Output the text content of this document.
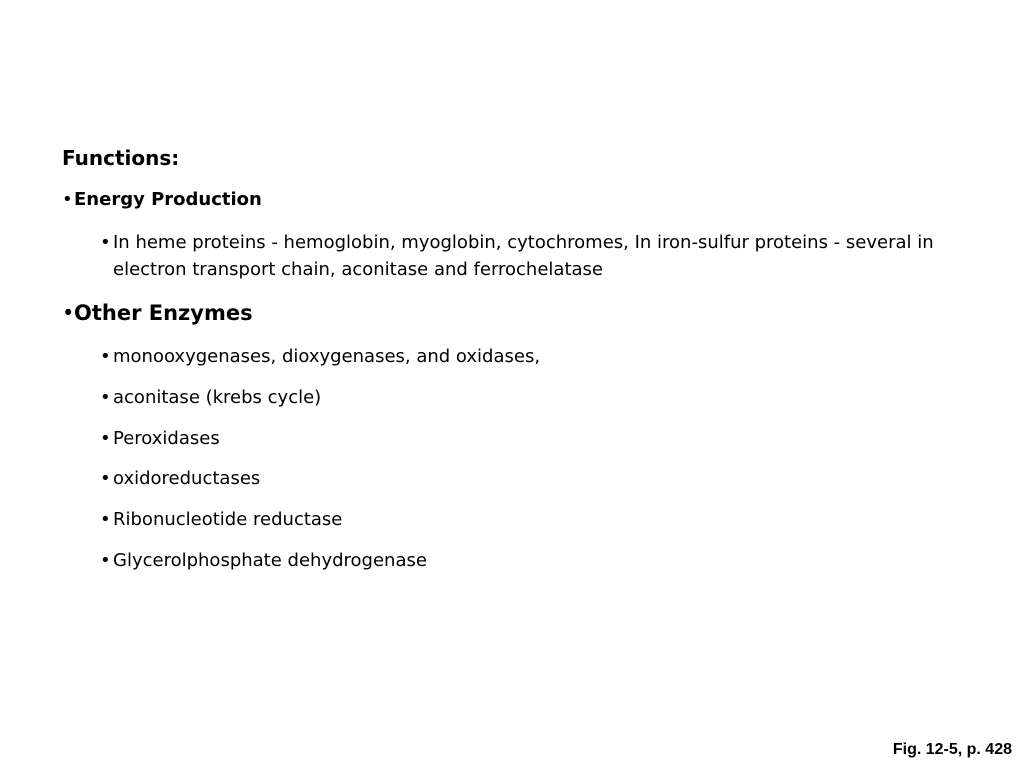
Functions:
•Energy Production
• In heme proteins - hemoglobin, myoglobin, cytochromes, In iron-sulfur proteins - several in electron transport chain, aconitase and ferrochelatase
•Other Enzymes
• monooxygenases, dioxygenases, and oxidases,
• aconitase (krebs cycle)
• Peroxidases
• oxidoreductases
• Ribonucleotide reductase
• Glycerolphosphate dehydrogenase
Fig. 12-5, p. 428
